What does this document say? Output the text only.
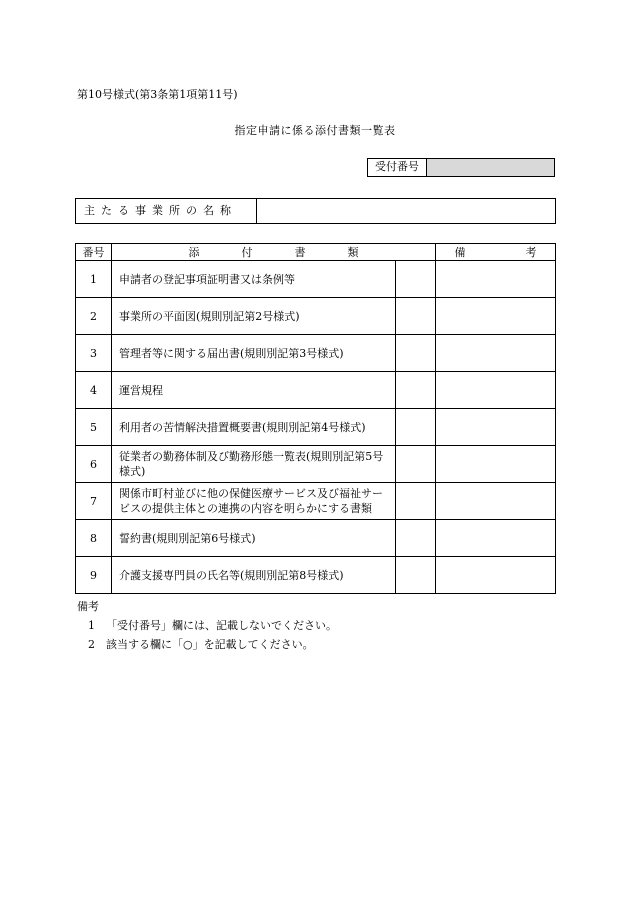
第10号様式(第3条第1項第11号)
指定申請に係る添付書類一覧表
受付番号
主たる事業所の名称
番号	添付書類		備考
1	申請者の登記事項証明書又は条例等		
2	事業所の平面図(規則別記第2号様式)		
3	管理者等に関する届出書(規則別記第3号様式)		
4	運営規程		
5	利用者の苦情解決措置概要書(規則別記第4号様式)		
6	従業者の勤務体制及び勤務形態一覧表(規則別記第5号様式)		
7	関係市町村並びに他の保健医療サービス及び福祉サービスの提供主体との連携の内容を明らかにする書類		
8	誓約書(規則別記第6号様式)		
9	介護支援専門員の氏名等(規則別記第8号様式)		
備考
1 「受付番号」欄には、記載しないでください。
2 該当する欄に「○」を記載してください。
